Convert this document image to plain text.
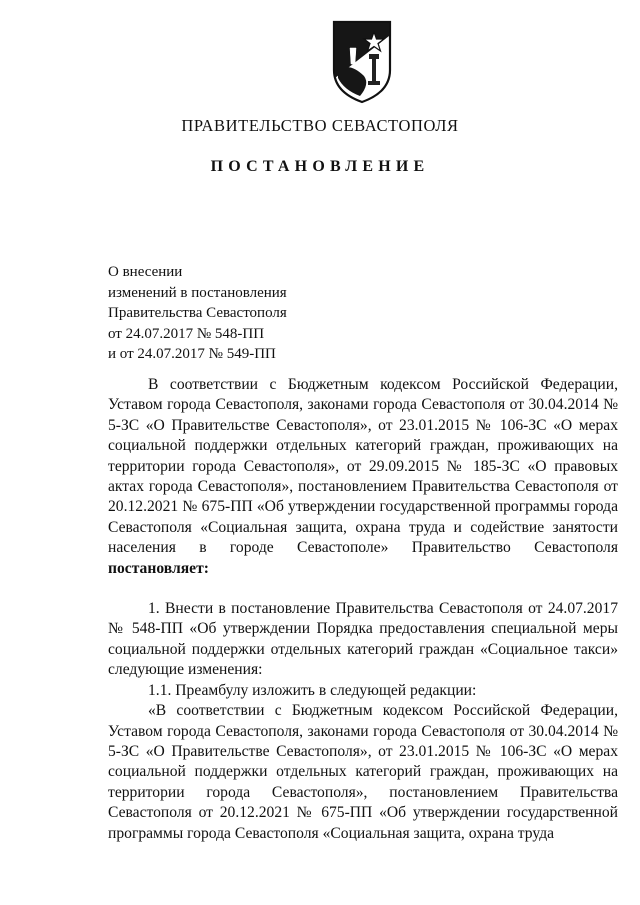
ПРАВИТЕЛЬСТВО СЕВАСТОПОЛЯ
ПОСТАНОВЛЕНИЕ
О внесении
изменений в постановления
Правительства Севастополя
от 24.07.2017 № 548-ПП
и от 24.07.2017 № 549-ПП

В соответствии с Бюджетным кодексом Российской Федерации, Уставом города Севастополя, законами города Севастополя от 30.04.2014 № 5-ЗС «О Правительстве Севастополя», от 23.01.2015 № 106-ЗС «О мерах социальной поддержки отдельных категорий граждан, проживающих на территории города Севастополя», от 29.09.2015 № 185-ЗС «О правовых актах города Севастополя», постановлением Правительства Севастополя от 20.12.2021 № 675-ПП «Об утверждении государственной программы города Севастополя «Социальная защита, охрана труда и содействие занятости населения в городе Севастополе» Правительство Севастополя постановляет:

1. Внести в постановление Правительства Севастополя от 24.07.2017 № 548-ПП «Об утверждении Порядка предоставления специальной меры социальной поддержки отдельных категорий граждан «Социальное такси» следующие изменения:

1.1. Преамбулу изложить в следующей редакции:

«В соответствии с Бюджетным кодексом Российской Федерации, Уставом города Севастополя, законами города Севастополя от 30.04.2014 № 5-ЗС «О Правительстве Севастополя», от 23.01.2015 № 106-ЗС «О мерах социальной поддержки отдельных категорий граждан, проживающих на территории города Севастополя», постановлением Правительства Севастополя от 20.12.2021 № 675-ПП «Об утверждении государственной программы города Севастополя «Социальная защита, охрана труда
